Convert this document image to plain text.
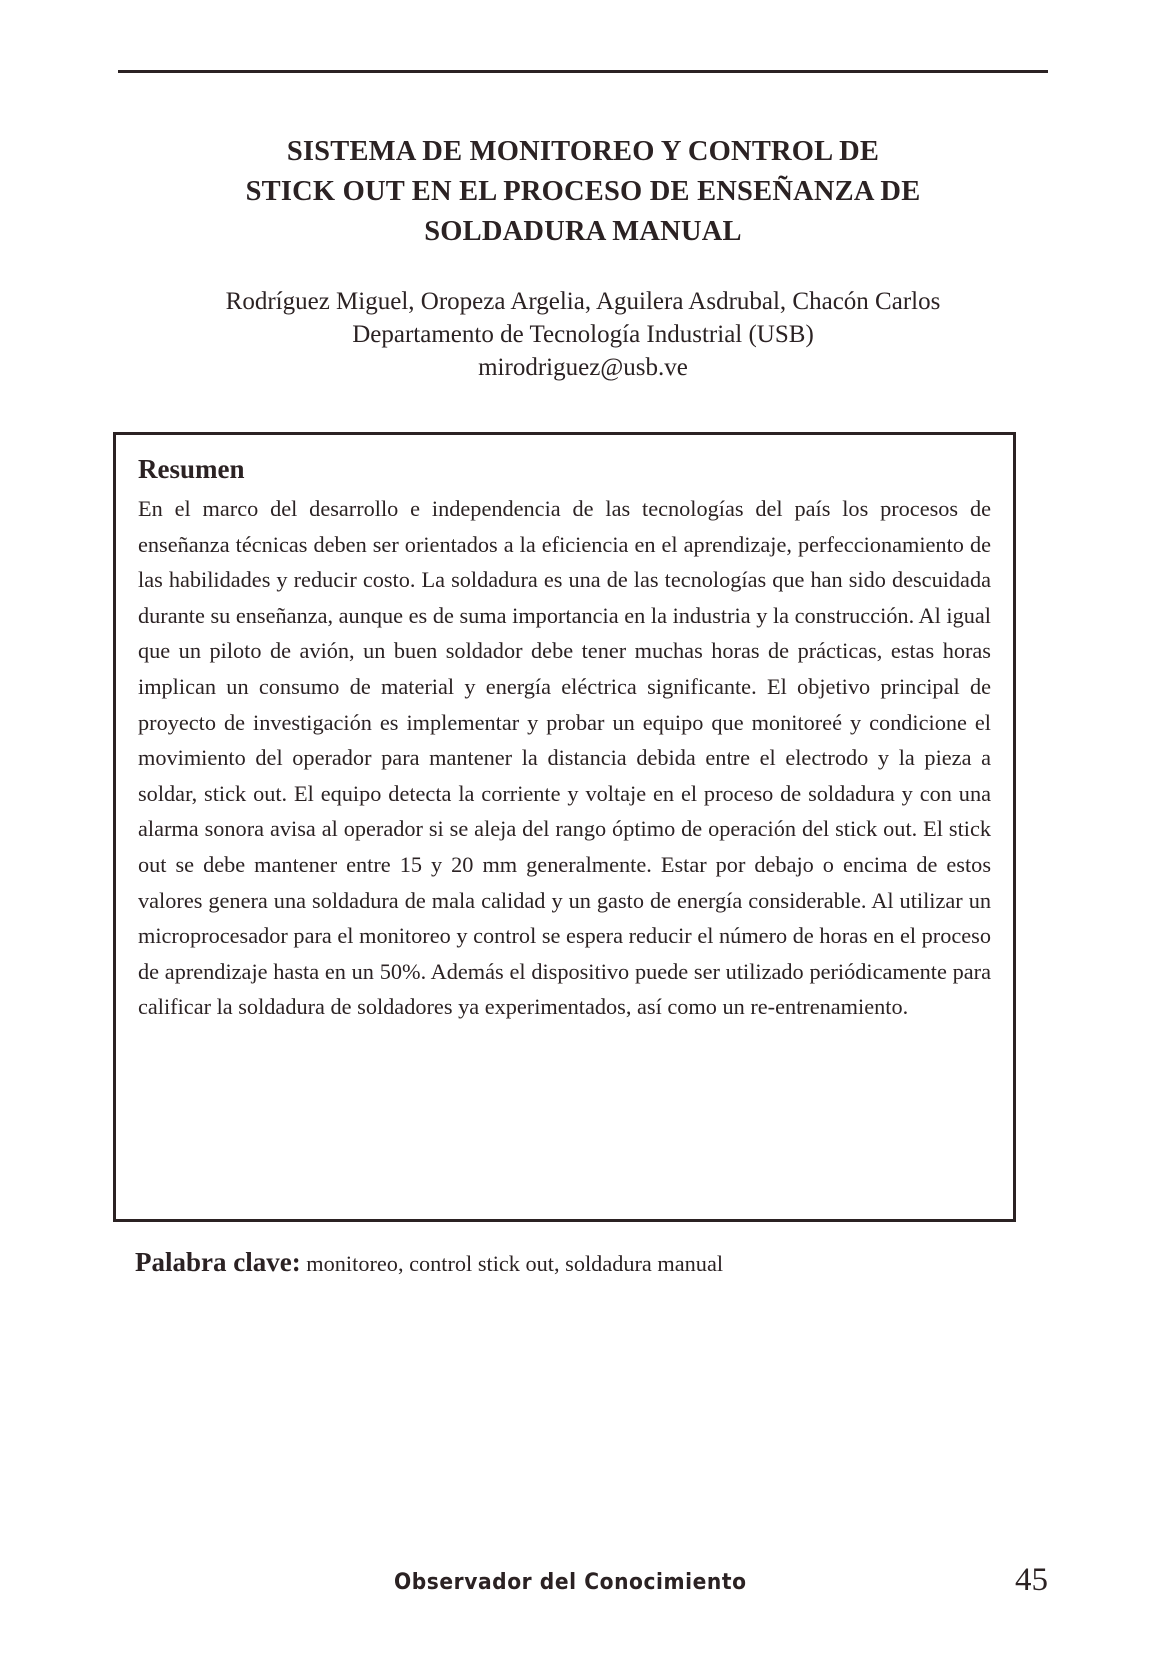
SISTEMA DE MONITOREO Y CONTROL DE
STICK OUT EN EL PROCESO DE ENSEÑANZA DE
SOLDADURA MANUAL
Rodríguez Miguel, Oropeza Argelia, Aguilera Asdrubal, Chacón Carlos
Departamento de Tecnología Industrial (USB)
mirodriguez@usb.ve
Resumen

En el marco del desarrollo e independencia de las tecnologías del país los procesos de enseñanza técnicas deben ser orientados a la eficiencia en el aprendizaje, perfeccionamiento de las habilidades y reducir costo. La soldadura es una de las tecnologías que han sido descuidada durante su enseñanza, aunque es de suma importancia en la industria y la construcción. Al igual que un piloto de avión, un buen soldador debe tener muchas horas de prácticas, estas horas implican un consumo de material y energía eléctrica significante. El objetivo principal de proyecto de investigación es implementar y probar un equipo que monitoreé y condicione el movimiento del operador para mantener la distancia debida entre el electrodo y la pieza a soldar, stick out. El equipo detecta la corriente y voltaje en el proceso de soldadura y con una alarma sonora avisa al operador si se aleja del rango óptimo de operación del stick out. El stick out se debe mantener entre 15 y 20 mm generalmente. Estar por debajo o encima de estos valores genera una soldadura de mala calidad y un gasto de energía considerable. Al utilizar un microprocesador para el monitoreo y control se espera reducir el número de horas en el proceso de aprendizaje hasta en un 50%. Además el dispositivo puede ser utilizado periódicamente para calificar la soldadura de soldadores ya experimentados, así como un re-entrenamiento.

Palabra clave: monitoreo, control stick out, soldadura manual
Observador del Conocimiento	45
